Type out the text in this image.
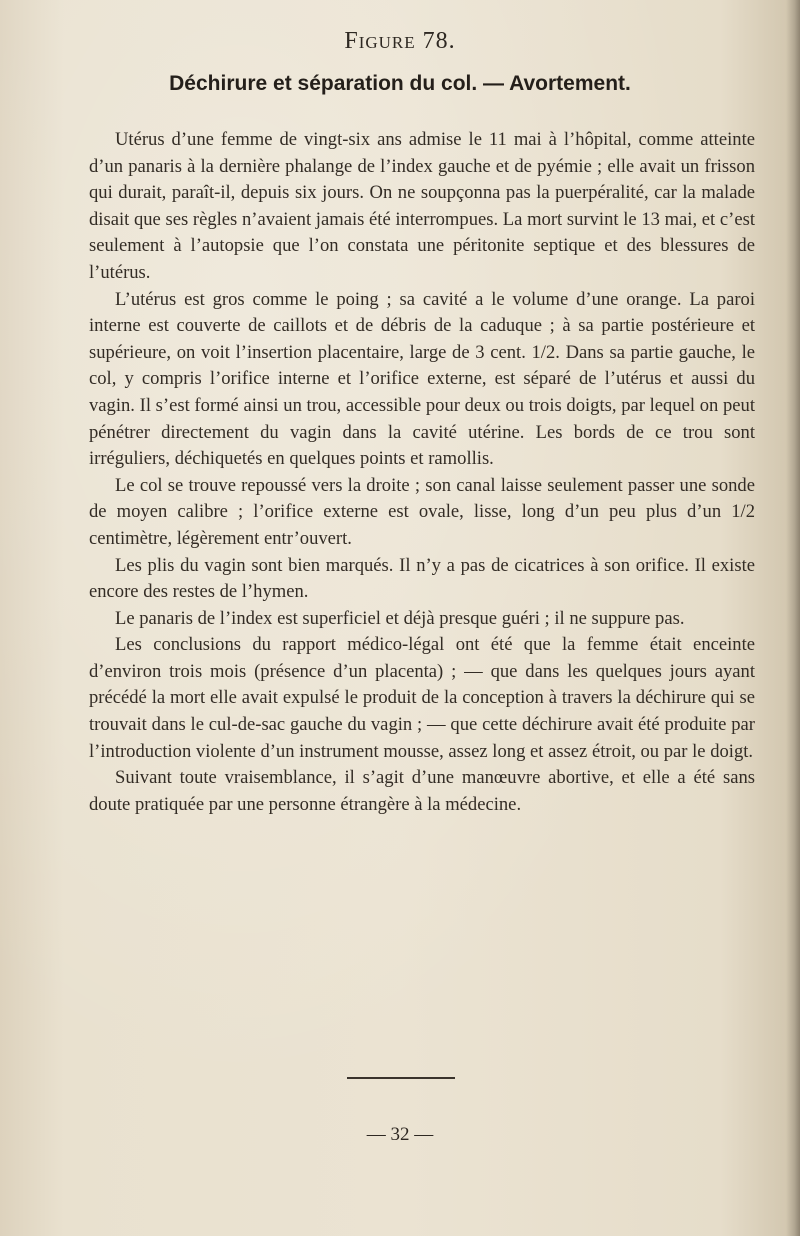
Figure 78.
Déchirure et séparation du col. — Avortement.

Utérus d’une femme de vingt-six ans admise le 11 mai à l’hôpital, comme atteinte d’un panaris à la dernière phalange de l’index gauche et de pyémie ; elle avait un frisson qui durait, paraît-il, depuis six jours. On ne soupçonna pas la puerpéralité, car la malade disait que ses règles n’avaient jamais été interrompues. La mort survint le 13 mai, et c’est seulement à l’autopsie que l’on constata une péritonite septique et des blessures de l’utérus.

L’utérus est gros comme le poing ; sa cavité a le volume d’une orange. La paroi interne est couverte de caillots et de débris de la caduque ; à sa partie postérieure et supérieure, on voit l’insertion placentaire, large de 3 cent. 1/2. Dans sa partie gauche, le col, y compris l’orifice interne et l’orifice externe, est séparé de l’utérus et aussi du vagin. Il s’est formé ainsi un trou, accessible pour deux ou trois doigts, par lequel on peut pénétrer directement du vagin dans la cavité utérine. Les bords de ce trou sont irréguliers, déchiquetés en quelques points et ramollis.

Le col se trouve repoussé vers la droite ; son canal laisse seulement passer une sonde de moyen calibre ; l’orifice externe est ovale, lisse, long d’un peu plus d’un 1/2 centimètre, légèrement entr’ouvert.

Les plis du vagin sont bien marqués. Il n’y a pas de cicatrices à son orifice. Il existe encore des restes de l’hymen.

Le panaris de l’index est superficiel et déjà presque guéri ; il ne suppure pas.

Les conclusions du rapport médico-légal ont été que la femme était enceinte d’environ trois mois (présence d’un placenta) ; — que dans les quelques jours ayant précédé la mort elle avait expulsé le produit de la conception à travers la déchirure qui se trouvait dans le cul-de-sac gauche du vagin ; — que cette déchirure avait été produite par l’introduction violente d’un instrument mousse, assez long et assez étroit, ou par le doigt.

Suivant toute vraisemblance, il s’agit d’une manœuvre abortive, et elle a été sans doute pratiquée par une personne étrangère à la médecine.

— 32 —
